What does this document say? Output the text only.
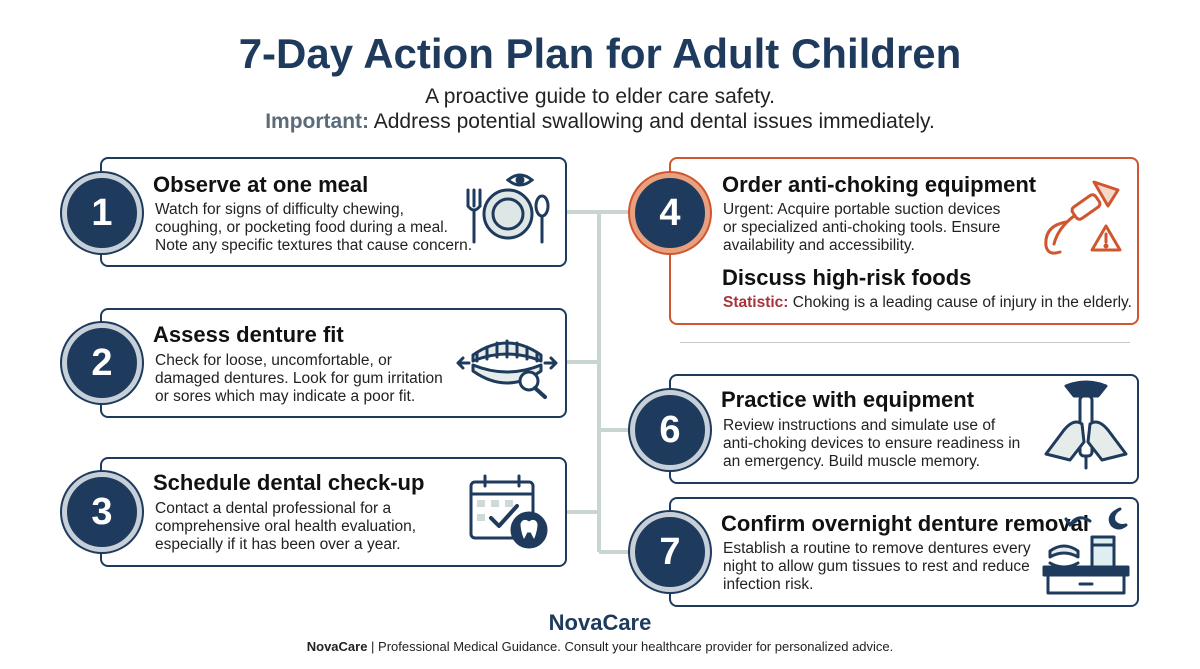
7-Day Action Plan for Adult Children
A proactive guide to elder care safety.
Important: Address potential swallowing and dental issues immediately.
1
Observe at one meal
Watch for signs of difficulty chewing, coughing, or pocketing food during a meal. Note any specific textures that cause concern.
2
Assess denture fit
Check for loose, uncomfortable, or damaged dentures. Look for gum irritation or sores which may indicate a poor fit.
3
Schedule dental check-up
Contact a dental professional for a comprehensive oral health evaluation, especially if it has been over a year.
4
Order anti-choking equipment
Urgent: Acquire portable suction devices or specialized anti-choking tools. Ensure availability and accessibility.
Discuss high-risk foods
Statistic: Choking is a leading cause of injury in the elderly.
6
Practice with equipment
Review instructions and simulate use of anti-choking devices to ensure readiness in an emergency. Build muscle memory.
7
Confirm overnight denture removal
Establish a routine to remove dentures every night to allow gum tissues to rest and reduce infection risk.
NovaCare
NovaCare | Professional Medical Guidance. Consult your healthcare provider for personalized advice.
